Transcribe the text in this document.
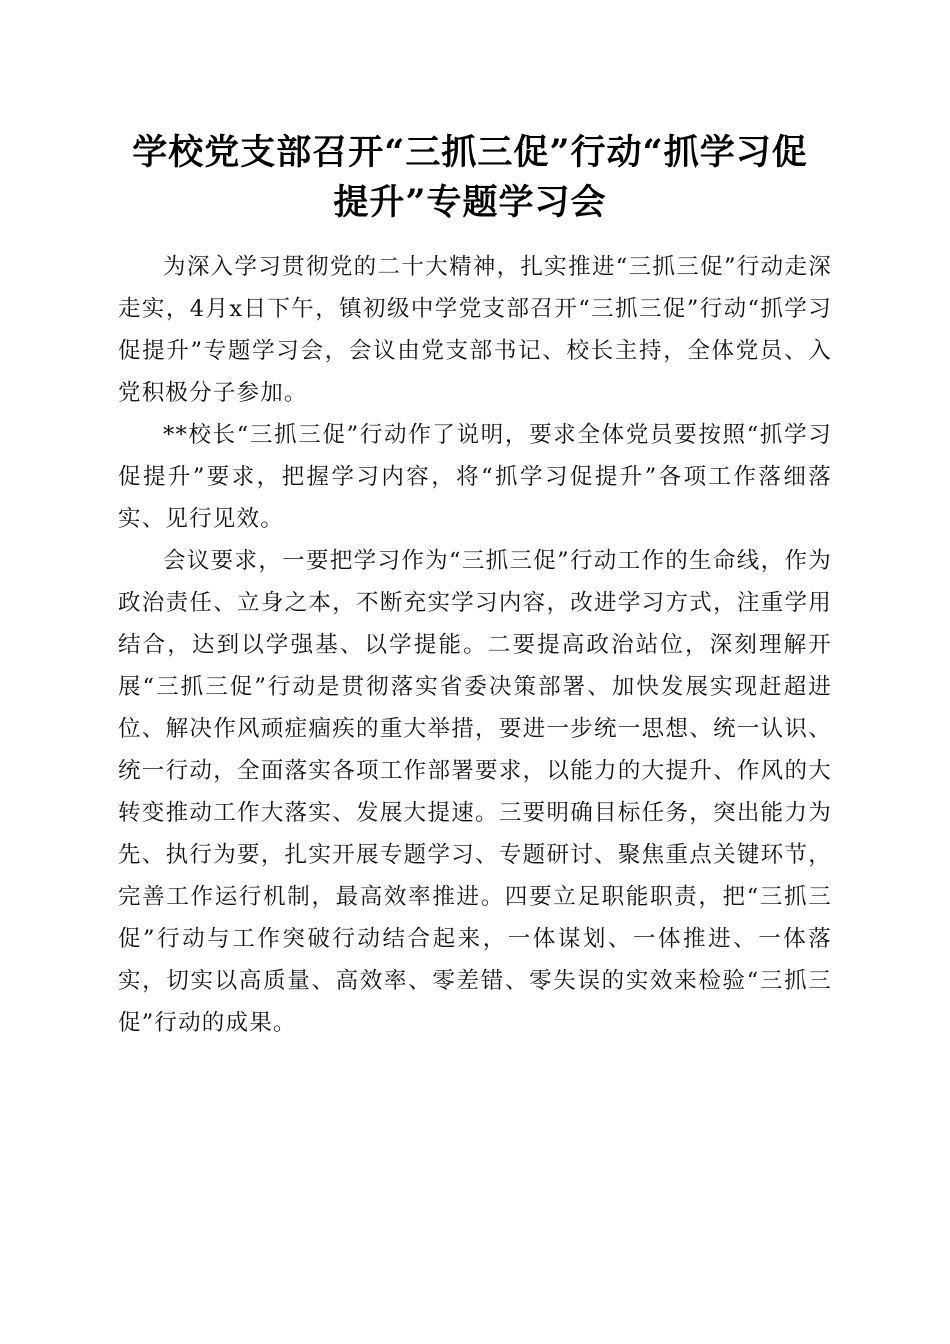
学校党支部召开“三抓三促”行动“抓学习促
提升”专题学习会

为深入学习贯彻党的二十大精神，扎实推进“三抓三促”行动走深走实，4月x日下午，镇初级中学党支部召开“三抓三促”行动“抓学习促提升”专题学习会，会议由党支部书记、校长主持，全体党员、入党积极分子参加。

**校长“三抓三促”行动作了说明，要求全体党员要按照“抓学习促提升”要求，把握学习内容，将“抓学习促提升”各项工作落细落实、见行见效。

会议要求，一要把学习作为“三抓三促”行动工作的生命线，作为政治责任、立身之本，不断充实学习内容，改进学习方式，注重学用结合，达到以学强基、以学提能。二要提高政治站位，深刻理解开展“三抓三促”行动是贯彻落实省委决策部署、加快发展实现赶超进位、解决作风顽症痼疾的重大举措，要进一步统一思想、统一认识、统一行动，全面落实各项工作部署要求，以能力的大提升、作风的大转变推动工作大落实、发展大提速。三要明确目标任务，突出能力为先、执行为要，扎实开展专题学习、专题研讨、聚焦重点关键环节，完善工作运行机制，最高效率推进。四要立足职能职责，把“三抓三促”行动与工作突破行动结合起来，一体谋划、一体推进、一体落实，切实以高质量、高效率、零差错、零失误的实效来检验“三抓三促”行动的成果。
